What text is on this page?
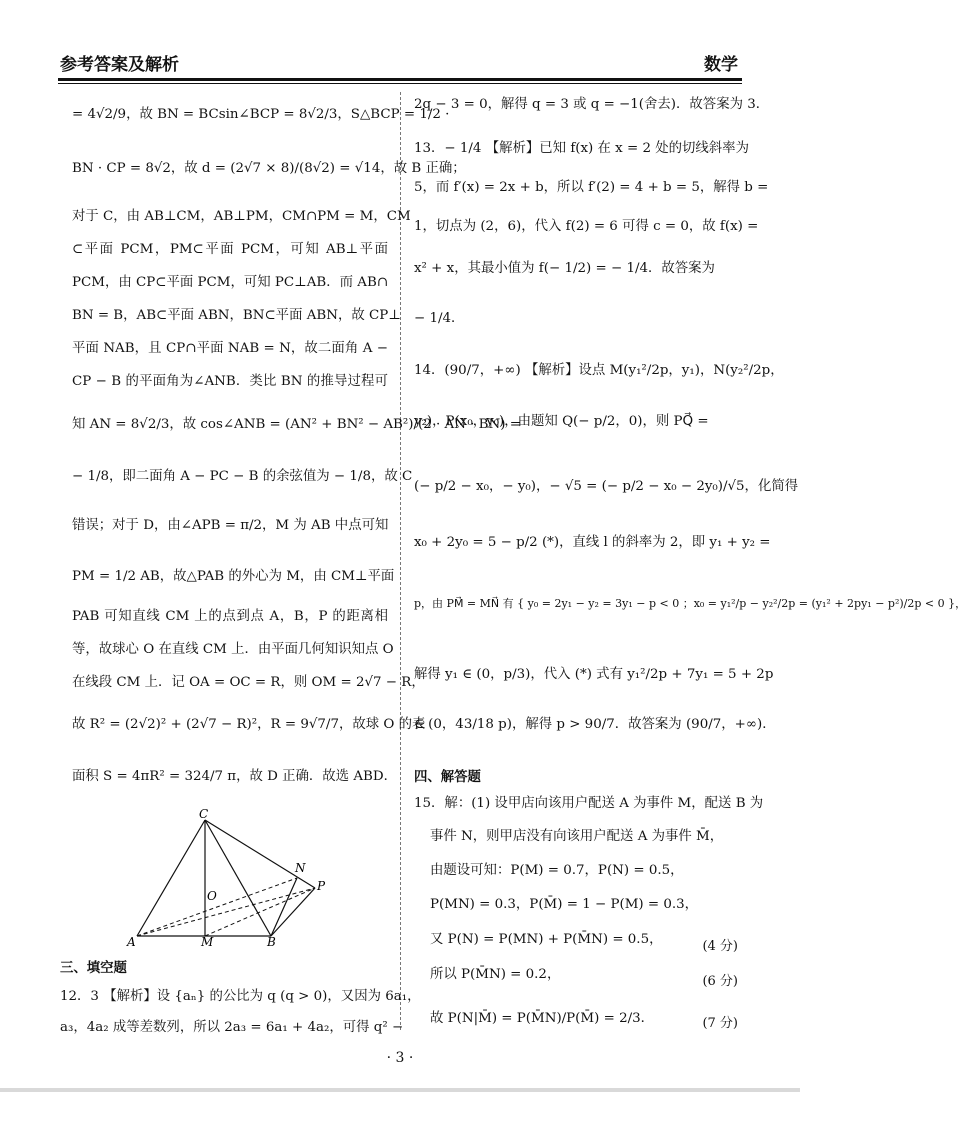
参考答案及解析	数学
= 4√2/9，故 BN = BCsin∠BCP = 8√2/3，S△BCP = 1/2 ·
BN · CP = 8√2，故 d = (2√7 × 8)/(8√2) = √14，故 B 正确；
对于 C，由 AB⊥CM，AB⊥PM，CM∩PM = M，CM
⊂平面 PCM，PM⊂平面 PCM，可知 AB⊥平面
PCM，由 CP⊂平面 PCM，可知 PC⊥AB．而 AB∩
BN = B，AB⊂平面 ABN，BN⊂平面 ABN，故 CP⊥
平面 NAB，且 CP∩平面 NAB = N，故二面角 A −
CP − B 的平面角为∠ANB．类比 BN 的推导过程可
知 AN = 8√2/3，故 cos∠ANB = (AN² + BN² − AB²)/(2 · AN · BN) =
− 1/8，即二面角 A − PC − B 的余弦值为 − 1/8，故 C
错误；对于 D，由∠APB = π/2，M 为 AB 中点可知
PM = 1/2 AB，故△PAB 的外心为 M，由 CM⊥平面
PAB 可知直线 CM 上的点到点 A，B，P 的距离相
等，故球心 O 在直线 CM 上．由平面几何知识知点 O
在线段 CM 上．记 OA = OC = R，则 OM = 2√7 − R，
故 R² = (2√2)² + (2√7 − R)²，R = 9√7/7，故球 O 的表
面积 S = 4πR² = 324/7 π，故 D 正确．故选 ABD．
三、填空题
12．3 【解析】设 {aₙ} 的公比为 q (q > 0)，又因为 6a₁，
a₃，4a₂ 成等差数列，所以 2a₃ = 6a₁ + 4a₂，可得 q² −
C
N
P
O
A	M	B
2q − 3 = 0，解得 q = 3 或 q = −1(舍去)．故答案为 3．
13．− 1/4 【解析】已知 f(x) 在 x = 2 处的切线斜率为
5，而 f′(x) = 2x + b，所以 f′(2) = 4 + b = 5，解得 b =
1，切点为 (2，6)，代入 f(2) = 6 可得 c = 0，故 f(x) =
x² + x，其最小值为 f(− 1/2) = − 1/4．故答案为
− 1/4．
14．(90/7，+∞) 【解析】设点 M(y₁²/2p，y₁)，N(y₂²/2p，
y₂)，P(x₀，y₀)，由题知 Q(− p/2，0)，则 PQ⃗ =
(− p/2 − x₀，− y₀)，− √5 = (− p/2 − x₀ − 2y₀)/√5，化简得
x₀ + 2y₀ = 5 − p/2 (*)，直线 l 的斜率为 2，即 y₁ + y₂ =
p，由 PM⃗ = MN⃗ 有 { y₀ = 2y₁ − y₂ = 3y₁ − p < 0 ；x₀ = y₁²/p − y₂²/2p = (y₁² + 2py₁ − p²)/2p < 0 }，
解得 y₁ ∈ (0，p/3)，代入 (*) 式有 y₁²/2p + 7y₁ = 5 + 2p
∈ (0，43/18 p)，解得 p > 90/7．故答案为 (90/7，+∞)．
四、解答题
15．解：(1) 设甲店向该用户配送 A 为事件 M，配送 B 为
事件 N，则甲店没有向该用户配送 A 为事件 M̄，
由题设可知：P(M) = 0.7，P(N) = 0.5，
P(MN) = 0.3，P(M̄) = 1 − P(M) = 0.3，
又 P(N) = P(MN) + P(M̄N) = 0.5，	(4 分)
所以 P(M̄N) = 0.2，	(6 分)
故 P(N|M̄) = P(M̄N)/P(M̄) = 2/3．	(7 分)
· 3 ·
